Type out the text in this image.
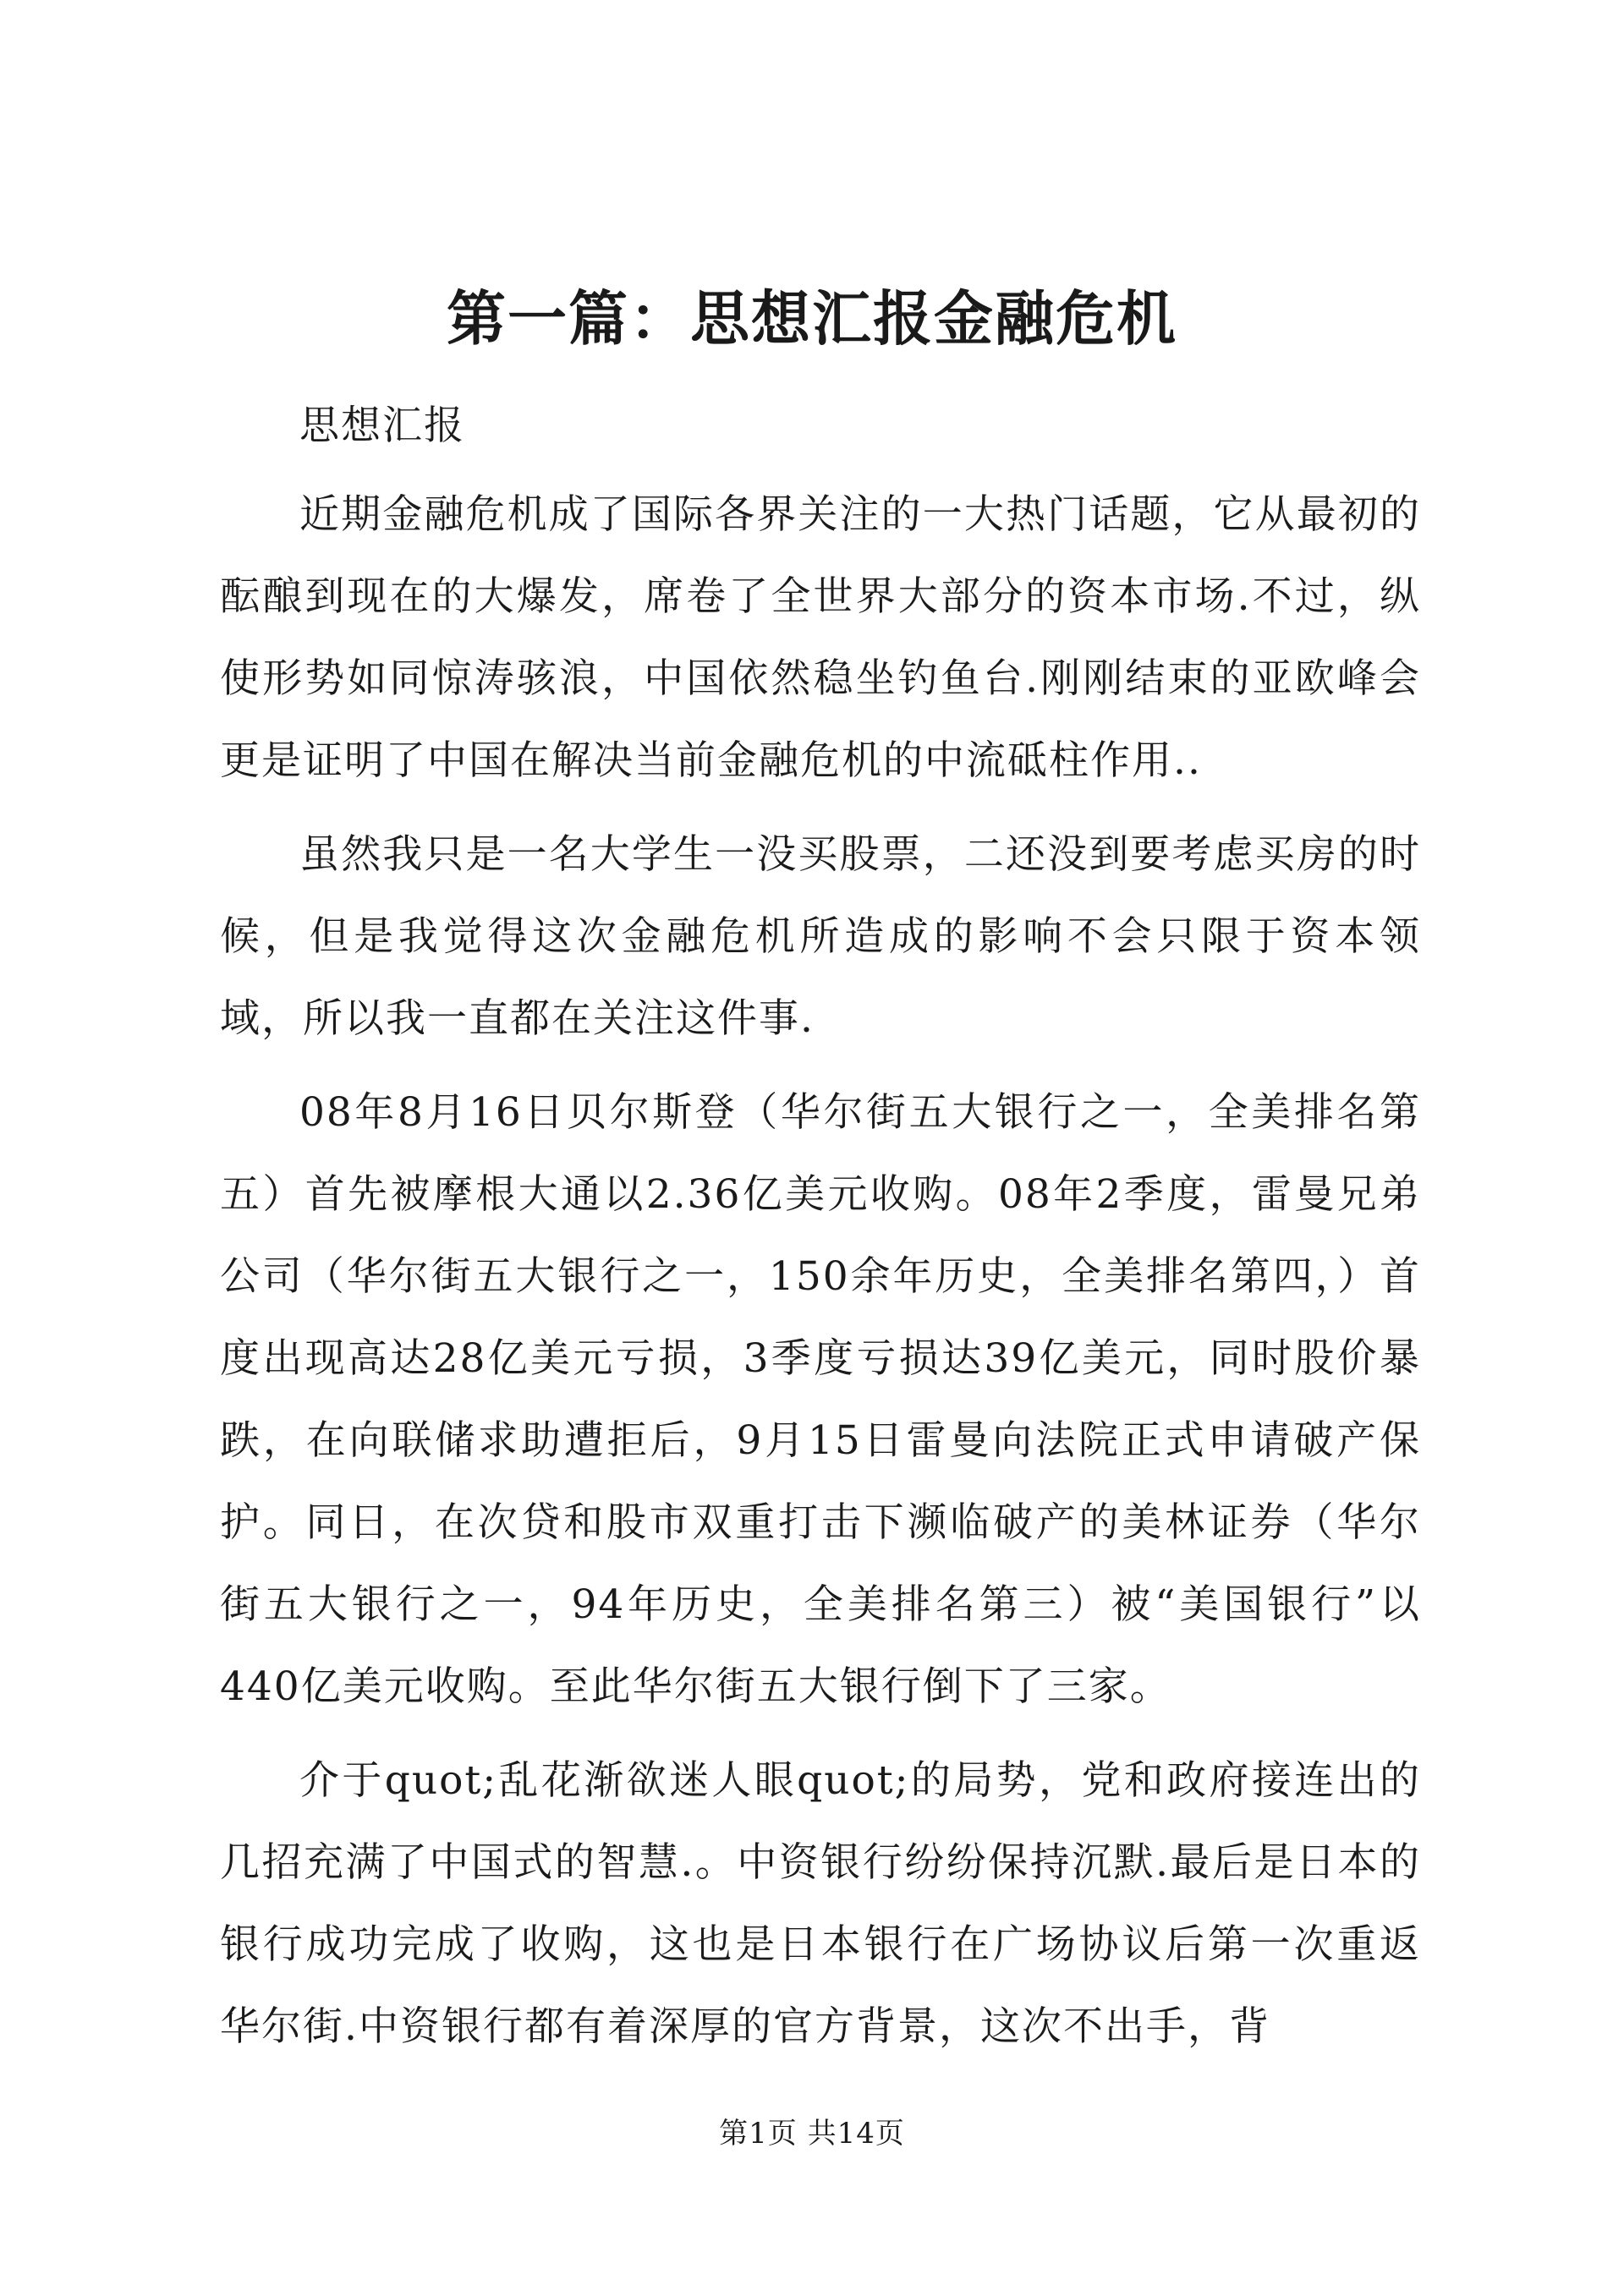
第一篇：思想汇报金融危机

思想汇报

近期金融危机成了国际各界关注的一大热门话题，它从最初的酝酿到现在的大爆发，席卷了全世界大部分的资本市场.不过，纵使形势如同惊涛骇浪，中国依然稳坐钓鱼台.刚刚结束的亚欧峰会更是证明了中国在解决当前金融危机的中流砥柱作用..

虽然我只是一名大学生一没买股票，二还没到要考虑买房的时候，但是我觉得这次金融危机所造成的影响不会只限于资本领域，所以我一直都在关注这件事.

08年8月16日贝尔斯登（华尔街五大银行之一，全美排名第五）首先被摩根大通以2.36亿美元收购。08年2季度，雷曼兄弟公司（华尔街五大银行之一，150余年历史，全美排名第四，）首度出现高达28亿美元亏损，3季度亏损达39亿美元，同时股价暴跌，在向联储求助遭拒后，9月15日雷曼向法院正式申请破产保护。同日，在次贷和股市双重打击下濒临破产的美林证券（华尔街五大银行之一，94年历史，全美排名第三）被“美国银行”以440亿美元收购。至此华尔街五大银行倒下了三家。

介于quot;乱花渐欲迷人眼quot;的局势，党和政府接连出的几招充满了中国式的智慧.。中资银行纷纷保持沉默.最后是日本的银行成功完成了收购，这也是日本银行在广场协议后第一次重返华尔街.中资银行都有着深厚的官方背景，这次不出手，背

第1页 共14页
